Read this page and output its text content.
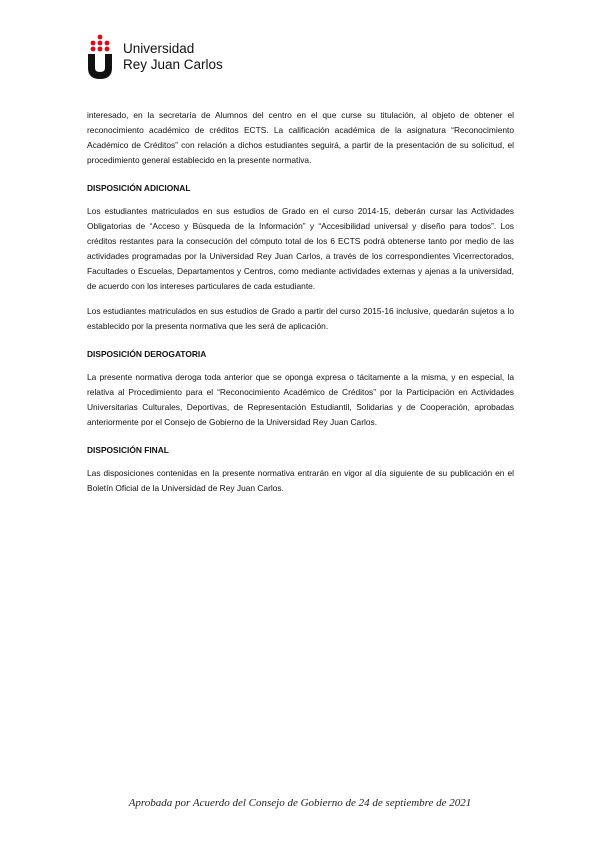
Universidad
Rey Juan Carlos

interesado, en la secretaría de Alumnos del centro en el que curse su titulación, al objeto de obtener el reconocimiento académico de créditos ECTS. La calificación académica de la asignatura “Reconocimiento Académico de Créditos” con relación a dichos estudiantes seguirá, a partir de la presentación de su solicitud, el procedimiento general establecido en la presente normativa.

DISPOSICIÓN ADICIONAL

Los estudiantes matriculados en sus estudios de Grado en el curso 2014-15, deberán cursar las Actividades Obligatorias de “Acceso y Búsqueda de la Información” y “Accesibilidad universal y diseño para todos”. Los créditos restantes para la consecución del cómputo total de los 6 ECTS podrá obtenerse tanto por medio de las actividades programadas por la Universidad Rey Juan Carlos, a través de los correspondientes Vicerrectorados, Facultades o Escuelas, Departamentos y Centros, como mediante actividades externas y ajenas a la universidad, de acuerdo con los intereses particulares de cada estudiante.

Los estudiantes matriculados en sus estudios de Grado a partir del curso 2015-16 inclusive, quedarán sujetos a lo establecido por la presenta normativa que les será de aplicación.

DISPOSICIÓN DEROGATORIA

La presente normativa deroga toda anterior que se oponga expresa o tácitamente a la misma, y en especial, la relativa al Procedimiento para el “Reconocimiento Académico de Créditos” por la Participación en Actividades Universitarias Culturales, Deportivas, de Representación Estudiantil, Solidarias y de Cooperación, aprobadas anteriormente por el Consejo de Gobierno de la Universidad Rey Juan Carlos.

DISPOSICIÓN FINAL

Las disposiciones contenidas en la presente normativa entrarán en vigor al día siguiente de su publicación en el Boletín Oficial de la Universidad de Rey Juan Carlos.

Aprobada por Acuerdo del Consejo de Gobierno de 24 de septiembre de 2021
